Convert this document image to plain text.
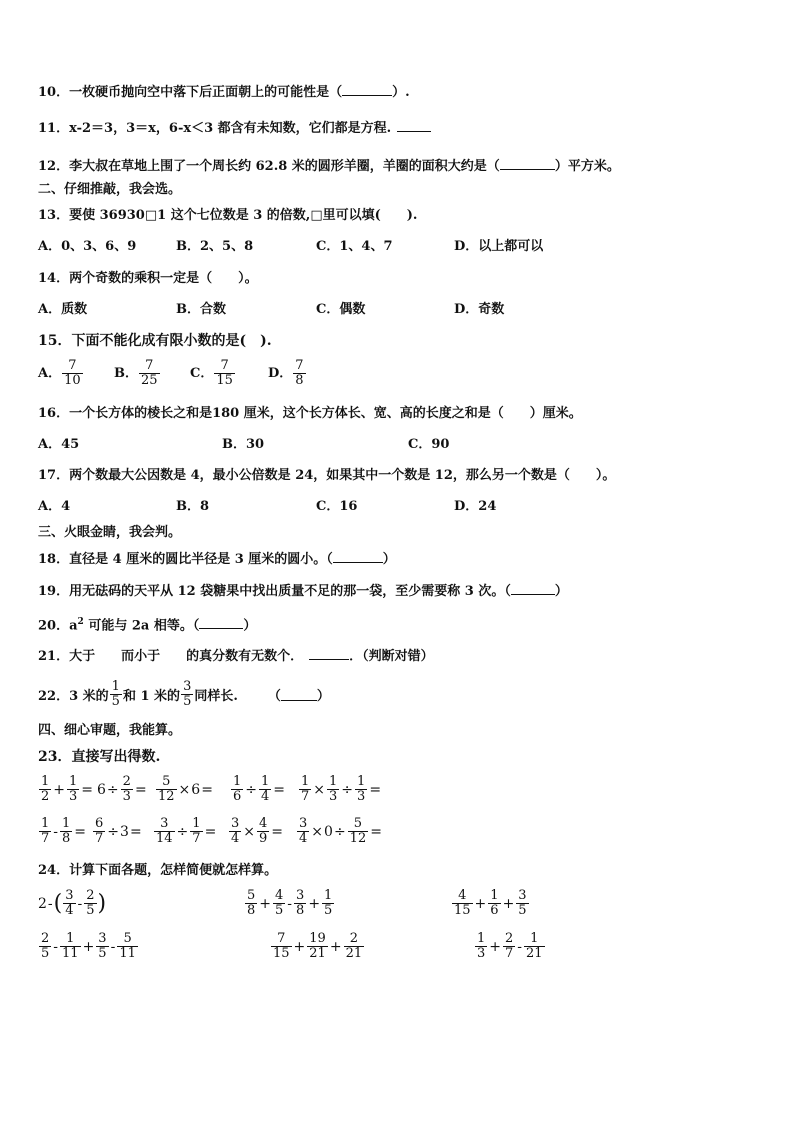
10．一枚硬币抛向空中落下后正面朝上的可能性是（	）.
11．x-2＝3，3＝x，6-x＜3 都含有未知数，它们都是方程.
12．李大叔在草地上围了一个周长约 62.8 米的圆形羊圈，羊圈的面积大约是（	）平方米。
二、仔细推敲，我会选。
13．要使 36930□1 这个七位数是 3 的倍数,□里可以填(　　).
A．0、3、6、9	B．2、5、8	C．1、4、7	D．以上都可以
14．两个奇数的乘积一定是（　　）。
A．质数	B．合数	C．偶数	D．奇数
15．下面不能化成有限小数的是(　).
A． $\frac{7}{10}$ B． $\frac{7}{25}$ C． $\frac{7}{15}$	D． $\frac{7}{8}$
16．一个长方体的棱长之和是180 厘米，这个长方体长、宽、高的长度之和是（　　）厘米。
A．45	B．30	C．90
17．两个数最大公因数是 4，最小公倍数是 24，如果其中一个数是 12，那么另一个数是（　　）。
A．4	B．8	C．16	D．24
三、火眼金睛，我会判。
18．直径是 4 厘米的圆比半径是 3 厘米的圆小。（	）
19．用无砝码的天平从 12 袋糖果中找出质量不足的那一袋，至少需要称 3 次。（	）
20．$a^2$ 可能与 2a 相等。（	）
21．大于　　而小于　　的真分数有无数个．	．（判断对错）
22． 3 米的 $\frac{1}{5}$ 和 1 米的 $\frac{3}{5}$ 同样长. （	）
四、细心审题，我能算。
23．直接写出得数.
$\frac{1}{2} + \frac{1}{3} = 6 \div \frac{2}{3} = \frac{5}{12} \times 6 = \frac{1}{6} \div \frac{1}{4} = \frac{1}{7} \times \frac{1}{3} \div \frac{1}{3}$ =
$\frac{1}{7} - \frac{1}{8} = \frac{6}{7} \div 3 = \frac{3}{14} \div \frac{1}{7} = \frac{3}{4} \times \frac{4}{9} = \frac{3}{4} \times 0 \div \frac{5}{12}$ =
24．计算下面各题，怎样简便就怎样算。
2 - ( $\frac{3}{4} - \frac{2}{5}$ )	$\frac{5}{8} + \frac{4}{5} - \frac{3}{8} + \frac{1}{5}$	$\frac{4}{15} + \frac{1}{6} + \frac{3}{5}$
$\frac{2}{5} - \frac{1}{11} + \frac{3}{5} - \frac{5}{11}$	$\frac{7}{15} + \frac{19}{21} + \frac{2}{21}$	$\frac{1}{3} + \frac{2}{7} - \frac{1}{21}$
